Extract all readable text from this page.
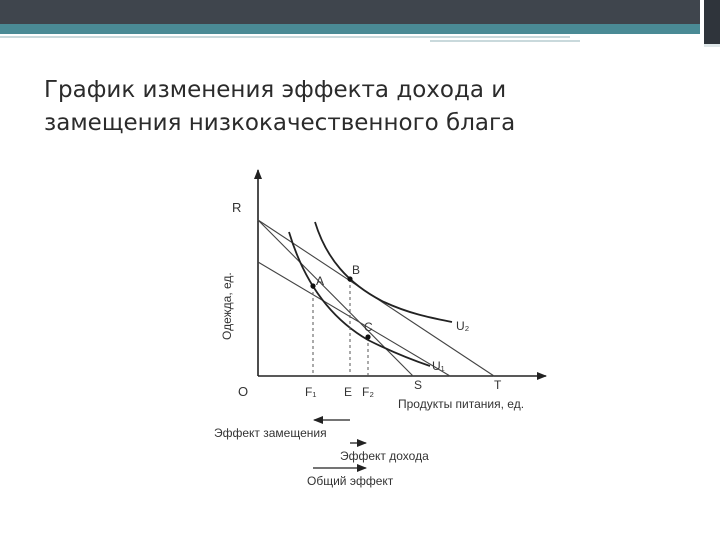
График изменения эффекта дохода и
замещения низкокачественного блага
R
A
B
C	U₂
U₁
O	F₁ E F₂	S	T
Одежда, ед.
Продукты питания, ед.
Эффект замещения
Эффект дохода
Общий эффект
